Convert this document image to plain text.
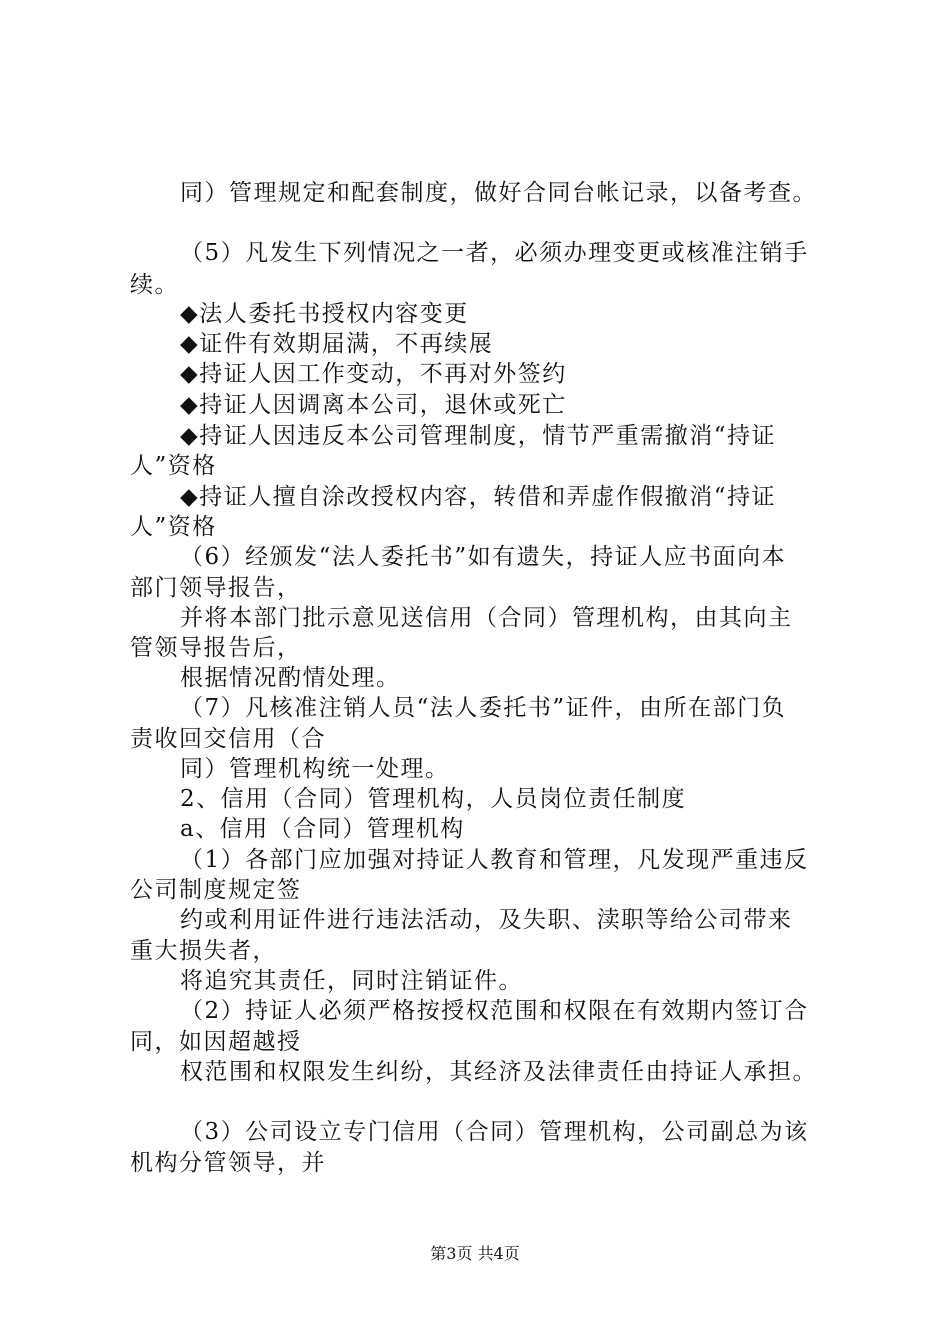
同）管理规定和配套制度，做好合同台帐记录，以备考查。
（5）凡发生下列情况之一者，必须办理变更或核准注销手
续。
◆法人委托书授权内容变更
◆证件有效期届满，不再续展
◆持证人因工作变动，不再对外签约
◆持证人因调离本公司，退休或死亡
◆持证人因违反本公司管理制度，情节严重需撤消“持证
人”资格
◆持证人擅自涂改授权内容，转借和弄虚作假撤消“持证
人”资格
（6）经颁发“法人委托书”如有遗失，持证人应书面向本
部门领导报告，
并将本部门批示意见送信用（合同）管理机构，由其向主
管领导报告后，
根据情况酌情处理。
（7）凡核准注销人员“法人委托书”证件，由所在部门负
责收回交信用（合
同）管理机构统一处理。
2、信用（合同）管理机构，人员岗位责任制度
a、信用（合同）管理机构
（1）各部门应加强对持证人教育和管理，凡发现严重违反
公司制度规定签
约或利用证件进行违法活动，及失职、渎职等给公司带来
重大损失者，
将追究其责任，同时注销证件。
（2）持证人必须严格按授权范围和权限在有效期内签订合
同，如因超越授
权范围和权限发生纠纷，其经济及法律责任由持证人承担。
（3）公司设立专门信用（合同）管理机构，公司副总为该
机构分管领导，并
第3页 共4页
